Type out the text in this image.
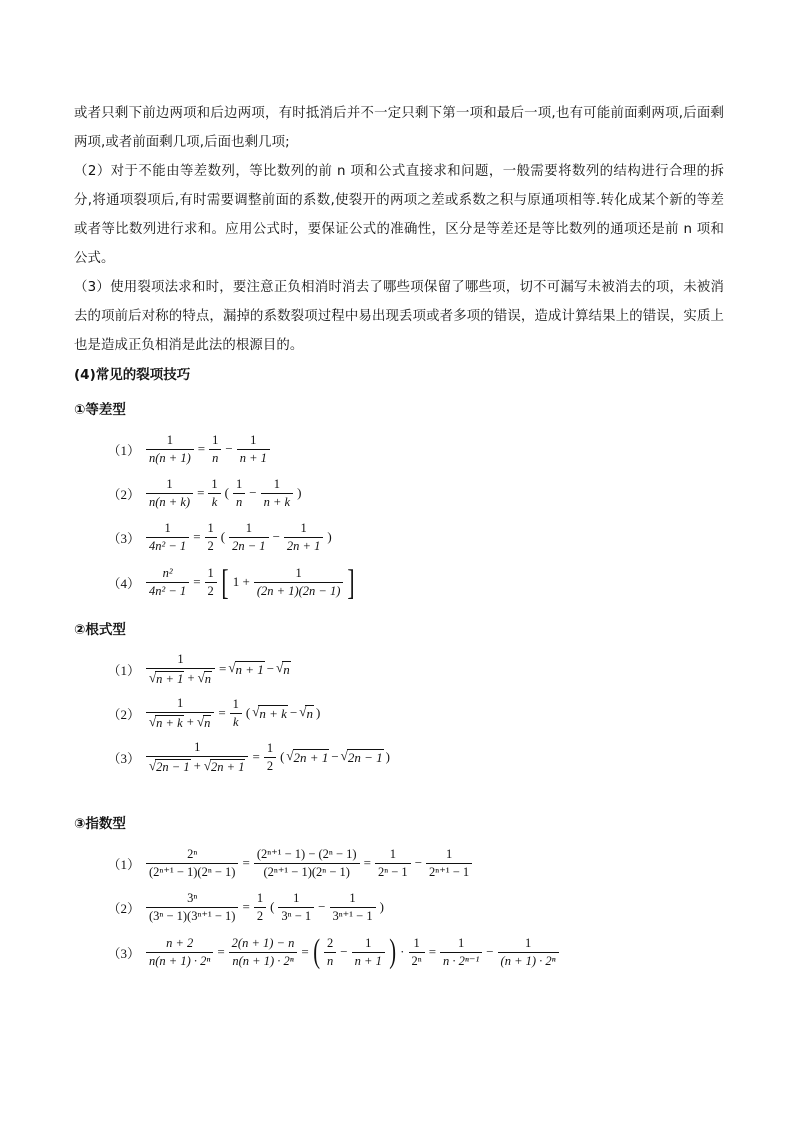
或者只剩下前边两项和后边两项，有时抵消后并不一定只剩下第一项和最后一项,也有可能前面剩两项,后面剩两项,或者前面剩几项,后面也剩几项;

（2）对于不能由等差数列，等比数列的前 n 项和公式直接求和问题，一般需要将数列的结构进行合理的拆分,将通项裂项后,有时需要调整前面的系数,使裂开的两项之差或系数之积与原通项相等.转化成某个新的等差或者等比数列进行求和。应用公式时，要保证公式的准确性，区分是等差还是等比数列的通项还是前 n 项和公式。

（3）使用裂项法求和时，要注意正负相消时消去了哪些项保留了哪些项，切不可漏写未被消去的项，未被消去的项前后对称的特点，漏掉的系数裂项过程中易出现丢项或者多项的错误，造成计算结果上的错误，实质上也是造成正负相消是此法的根源目的。

(4)常见的裂项技巧

①等差型

$(1) \frac{1}{n(n + 1)} = \frac{1}{n} - \frac{1}{n + 1}$
$(2) \frac{1}{n(n + k)} = \frac{1}{k}$ ( $\frac{1}{n} - \frac{1}{n + k}$ )
$(3) \frac{1}{\text{4n² − 1}} = \frac{1}{2}$ ( $\frac{1}{2n - 1} - \frac{1}{2n + 1}$ )
$(4) \frac{\text{n²}}{\text{4n² − 1}} = \frac{1}{2}$ [ $1 + \frac{1}{(2n + 1)(2n - 1)}$ ]

②根式型

$(1) \frac{1}{√ n + 1 + √ n}$ = √ n + 1 − √ n
$(2) \frac{1}{√ n + k + √ n} = \frac{1}{k}$ ( √ n + k − √ n )
$(3) \frac{1}{√ 2n - 1 + √ 2n + 1} = \frac{1}{2}$ ( √ 2n + 1 − √ 2n − 1 )

③指数型

$(1) \frac{\text{2ⁿ}}{\text{(2ⁿ⁺¹ − 1)(2ⁿ − 1)}} = \frac{\text{(2ⁿ⁺¹ − 1) − (2ⁿ − 1)}}{\text{(2ⁿ⁺¹ − 1)(2ⁿ − 1)}} = \frac{1}{\text{2ⁿ − 1}} - \frac{1}{\text{2ⁿ⁺¹ − 1}}$
$(2) \frac{\text{3ⁿ}}{\text{(3ⁿ − 1)(3ⁿ⁺¹ − 1)}} = \frac{1}{2}$ ( $\frac{1}{\text{3ⁿ − 1}} - \frac{1}{\text{3ⁿ⁺¹ − 1}}$ )
$(3) \frac{n + 2}{\text{n(n + 1) · 2ⁿ}} = \frac{2(n + 1) - n}{\text{n(n + 1) · 2ⁿ}}$ = ( $\frac{2}{n} - \frac{1}{n + 1}$ ) · $\frac{1}{\text{2ⁿ}} = \frac{1}{\text{n · 2ⁿ⁻¹}} - \frac{1}{\text{(n + 1) · 2ⁿ}}$
